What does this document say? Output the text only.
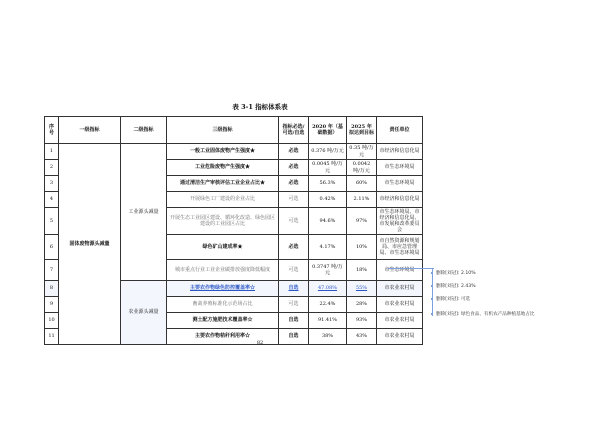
表 3-1 指标体系表
序号	一级指标	二级指标	三级指标	指标必选/可选/自选	2020 年（基础数据）	2025 年拟达到目标	责任单位
1	固体废物源头减量	工业源头减量	一般工业固体废物产生强度★	必选	0.376 吨/万元	0.35 吨/万元	市经济和信息化局
2			工业危险废物产生强度★	必选	0.0045 吨/万元	0.0042 吨/万元	市生态环境局
3			通过清洁生产审核评估工业企业占比★	必选	56.3%	60%	市生态环境局
4			开展绿色工厂建设的企业占比	可选	0.42%	2.11%	市经济和信息化局
5			开展生态工业园区建设、循环化改造、绿色园区建设的工业园区占比	可选	94.6%	97%	市生态环境局、市经济和信息化局、市发展和改革委员会
6			绿色矿山建成率★	必选	4.17%	10%	市自然资源和规划局、市应急管理局、市生态环境局
7			城市重点行业工业企业碳排放强度降低幅度	可选	0.3747 吨/万元	18%	市生态环境局
8		农业源头减量	主要农作物绿色防控覆盖率☆	自选	47.08%	55%	市农业农村局
9			畜禽养殖标准化示范场占比	可选	22.4%	28%	市农业农村局
10			测土配方施肥技术覆盖率☆	自选	91.41%	93%	市农业农村局
11			主要农作物秸秆利用率☆	自选	38%	43%	市农业农村局
82
删除[刘冠]: 2.10%
删除[刘冠]: 2.43%
删除[刘冠]: 可选
删除[刘冠]: 绿色食品、有机农产品种植基地占比
